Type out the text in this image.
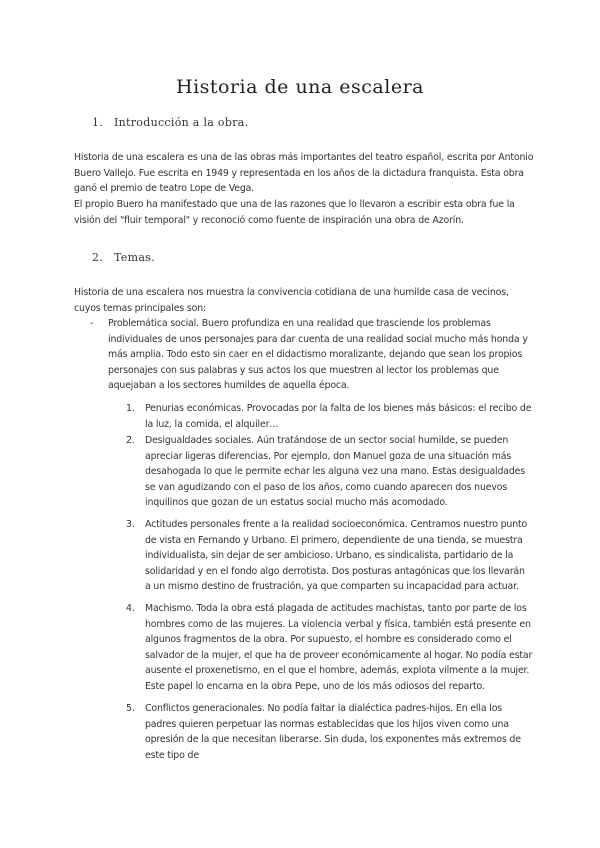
Historia de una escalera
1. Introducción a la obra.

Historia de una escalera es una de las obras más importantes del teatro español, escrita por Antonio Buero Vallejo. Fue escrita en 1949 y representada en los años de la dictadura franquista. Esta obra ganó el premio de teatro Lope de Vega.

El propio Buero ha manifestado que una de las razones que lo llevaron a escribir esta obra fue la visión del "fluir temporal" y reconoció como fuente de inspiración una obra de Azorín.

2. Temas.

Historia de una escalera nos muestra la convivencia cotidiana de una humilde casa de vecinos, cuyos temas principales son:

- Problemática social. Buero profundiza en una realidad que trasciende los problemas individuales de unos personajes para dar cuenta de una realidad social mucho más honda y más amplia. Todo esto sin caer en el didactismo moralizante, dejando que sean los propios personajes con sus palabras y sus actos los que muestren al lector los problemas que aquejaban a los sectores humildes de aquella época.
1. Penurias económicas. Provocadas por la falta de los bienes más básicos: el recibo de la luz, la comida, el alquiler…
2. Desigualdades sociales. Aún tratándose de un sector social humilde, se pueden apreciar ligeras diferencias. Por ejemplo, don Manuel goza de una situación más desahogada lo que le permite echar les alguna vez una mano. Estas desigualdades se van agudizando con el paso de los años, como cuando aparecen dos nuevos inquilinos que gozan de un estatus social mucho más acomodado.
3. Actitudes personales frente a la realidad socioeconómica. Centramos nuestro punto de vista en Fernando y Urbano. El primero, dependiente de una tienda, se muestra individualista, sin dejar de ser ambicioso. Urbano, es sindicalista, partidario de la solidaridad y en el fondo algo derrotista. Dos posturas antagónicas que los llevarán a un mismo destino de frustración, ya que comparten su incapacidad para actuar.
4. Machismo. Toda la obra está plagada de actitudes machistas, tanto por parte de los hombres como de las mujeres. La violencia verbal y física, también está presente en algunos fragmentos de la obra. Por supuesto, el hombre es considerado como el salvador de la mujer, el que ha de proveer económicamente al hogar. No podía estar ausente el proxenetismo, en el que el hombre, además, explota vilmente a la mujer. Este papel lo encarna en la obra Pepe, uno de los más odiosos del reparto.
5. Conflictos generacionales. No podía faltar la dialéctica padres-hijos. En ella los padres quieren perpetuar las normas establecidas que los hijos viven como una opresión de la que necesitan liberarse. Sin duda, los exponentes más extremos de este tipo de
